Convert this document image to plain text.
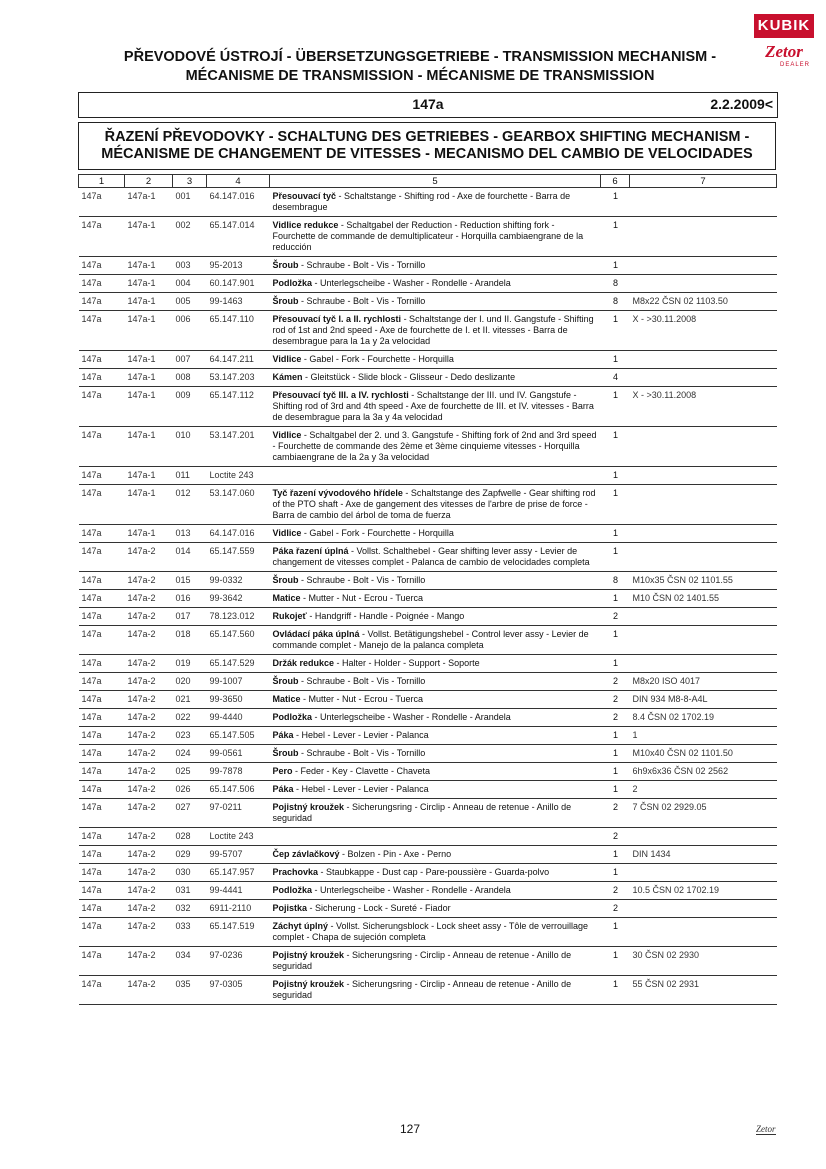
KUBIK
Zetor
DEALER
PŘEVODOVÉ ÚSTROJÍ - ÜBERSETZUNGSGETRIEBE - TRANSMISSION MECHANISM - MÉCANISME DE TRANSMISSION - MÉCANISME DE TRANSMISSION
147a	2.2.2009<
ŘAZENÍ PŘEVODOVKY - SCHALTUNG DES GETRIEBES - GEARBOX SHIFTING MECHANISM - MÉCANISME DE CHANGEMENT DE VITESSES - MECANISMO DEL CAMBIO DE VELOCIDADES
1	2	3	4	5	6	7
147a	147a-1	001	64.147.016	Přesouvací tyč - Schaltstange - Shifting rod - Axe de fourchette - Barra de desembrague	1	
147a	147a-1	002	65.147.014	Vidlice redukce - Schaltgabel der Reduction - Reduction shifting fork - Fourchette de commande de demultiplicateur - Horquilla cambiaengrane de la reducción	1	
147a	147a-1	003	95-2013	Šroub - Schraube - Bolt - Vis - Tornillo	1	
147a	147a-1	004	60.147.901	Podložka - Unterlegscheibe - Washer - Rondelle - Arandela	8	
147a	147a-1	005	99-1463	Šroub - Schraube - Bolt - Vis - Tornillo	8	M8x22 ČSN 02 1103.50
147a	147a-1	006	65.147.110	Přesouvací tyč I. a II. rychlosti - Schaltstange der I. und II. Gangstufe - Shifting rod of 1st and 2nd speed - Axe de fourchette de I. et II. vitesses - Barra de desembrague para la 1a y 2a velocidad	1	X - >30.11.2008
147a	147a-1	007	64.147.211	Vidlice - Gabel - Fork - Fourchette - Horquilla	1	
147a	147a-1	008	53.147.203	Kámen - Gleitstück - Slide block - Glisseur - Dedo deslizante	4	
147a	147a-1	009	65.147.112	Přesouvací tyč III. a IV. rychlosti - Schaltstange der III. und IV. Gangstufe - Shifting rod of 3rd and 4th speed - Axe de fourchette de III. et IV. vitesses - Barra de desembrague para la 3a y 4a velocidad	1	X - >30.11.2008
147a	147a-1	010	53.147.201	Vidlice - Schaltgabel der 2. und 3. Gangstufe - Shifting fork of 2nd and 3rd speed - Fourchette de commande des 2ème et 3ème cinquieme vitesses - Horquilla cambiaengrane de la 2a y 3a velocidad	1	
147a	147a-1	011	Loctite 243		1	
147a	147a-1	012	53.147.060	Tyč řazení vývodového hřídele - Schaltstange des Zapfwelle - Gear shifting rod of the PTO shaft - Axe de gangement des vitesses de l'arbre de prise de force - Barra de cambio del árbol de toma de fuerza	1	
147a	147a-1	013	64.147.016	Vidlice - Gabel - Fork - Fourchette - Horquilla	1	
147a	147a-2	014	65.147.559	Páka řazení úplná - Vollst. Schalthebel - Gear shifting lever assy - Levier de changement de vitesses complet - Palanca de cambio de velocidades completa	1	
147a	147a-2	015	99-0332	Šroub - Schraube - Bolt - Vis - Tornillo	8	M10x35 ČSN 02 1101.55
147a	147a-2	016	99-3642	Matice - Mutter - Nut - Ecrou - Tuerca	1	M10 ČSN 02 1401.55
147a	147a-2	017	78.123.012	Rukojeť - Handgriff - Handle - Poignée - Mango	2	
147a	147a-2	018	65.147.560	Ovládací páka úplná - Vollst. Betätigungshebel - Control lever assy - Levier de commande complet - Manejo de la palanca completa	1	
147a	147a-2	019	65.147.529	Držák redukce - Halter - Holder - Support - Soporte	1	
147a	147a-2	020	99-1007	Šroub - Schraube - Bolt - Vis - Tornillo	2	M8x20 ISO 4017
147a	147a-2	021	99-3650	Matice - Mutter - Nut - Ecrou - Tuerca	2	DIN 934 M8-8-A4L
147a	147a-2	022	99-4440	Podložka - Unterlegscheibe - Washer - Rondelle - Arandela	2	8.4 ČSN 02 1702.19
147a	147a-2	023	65.147.505	Páka - Hebel - Lever - Levier - Palanca	1	1
147a	147a-2	024	99-0561	Šroub - Schraube - Bolt - Vis - Tornillo	1	M10x40 ČSN 02 1101.50
147a	147a-2	025	99-7878	Pero - Feder - Key - Clavette - Chaveta	1	6h9x6x36 ČSN 02 2562
147a	147a-2	026	65.147.506	Páka - Hebel - Lever - Levier - Palanca	1	2
147a	147a-2	027	97-0211	Pojistný kroužek - Sicherungsring - Circlip - Anneau de retenue - Anillo de seguridad	2	7 ČSN 02 2929.05
147a	147a-2	028	Loctite 243		2	
147a	147a-2	029	99-5707	Čep závlačkový - Bolzen - Pin - Axe - Perno	1	DIN 1434
147a	147a-2	030	65.147.957	Prachovka - Staubkappe - Dust cap - Pare-poussière - Guarda-polvo	1	
147a	147a-2	031	99-4441	Podložka - Unterlegscheibe - Washer - Rondelle - Arandela	2	10.5 ČSN 02 1702.19
147a	147a-2	032	6911-2110	Pojistka - Sicherung - Lock - Sureté - Fiador	2	
147a	147a-2	033	65.147.519	Záchyt úplný - Vollst. Sicherungsblock - Lock sheet assy - Tôle de verrouillage complet - Chapa de sujeción completa	1	
147a	147a-2	034	97-0236	Pojistný kroužek - Sicherungsring - Circlip - Anneau de retenue - Anillo de seguridad	1	30 ČSN 02 2930
147a	147a-2	035	97-0305	Pojistný kroužek - Sicherungsring - Circlip - Anneau de retenue - Anillo de seguridad	1	55 ČSN 02 2931
127	Zetor
